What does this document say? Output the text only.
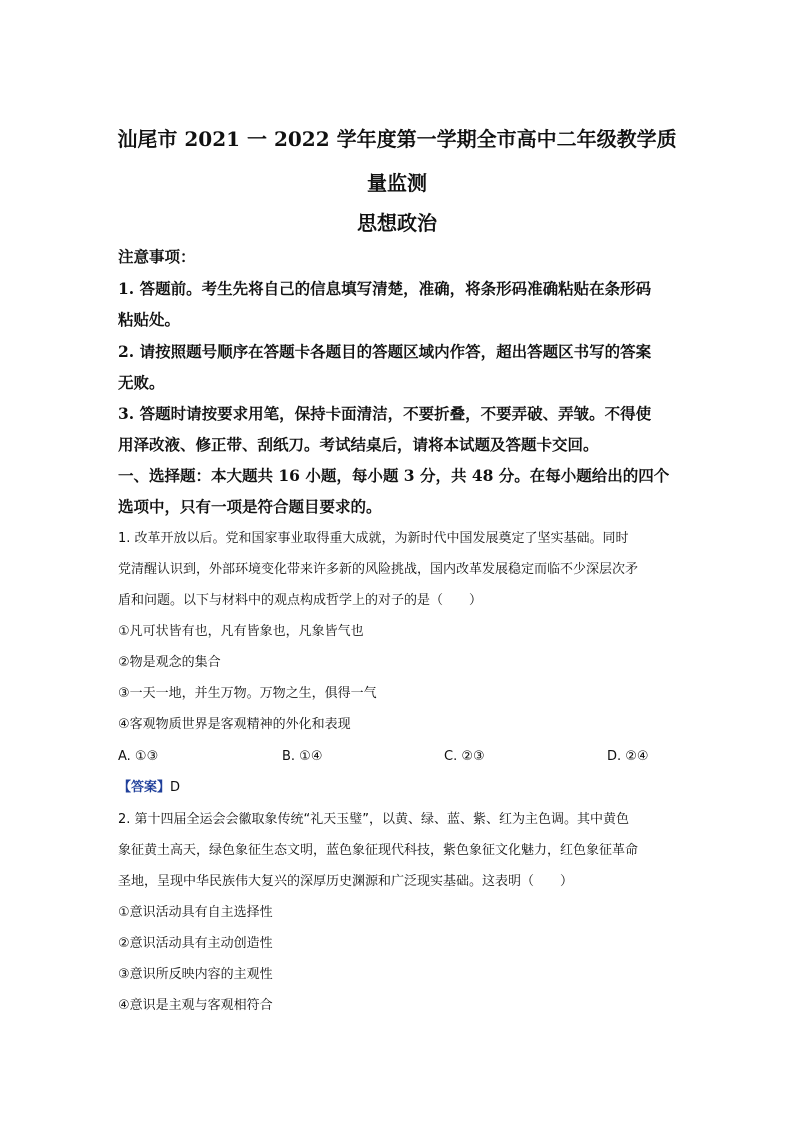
汕尾市 2021 一 2022 学年度第一学期全市高中二年级教学质
量监测
思想政治
注意事项：
1. 答题前。考生先将自己的信息填写清楚，准确，将条形码准确粘贴在条形码
粘贴处。
2. 请按照题号顺序在答题卡各题目的答题区域内作答，超出答题区书写的答案
无败。
3. 答题时请按要求用笔，保持卡面清洁，不要折叠，不要弄破、弄皱。不得使
用泽改液、修正带、刮纸刀。考试结桌后，请将本试题及答题卡交回。
一、选择题：本大题共 16 小题，每小题 3 分，共 48 分。在每小题给出的四个
选项中，只有一项是符合题目要求的。
1. 改革开放以后。党和国家事业取得重大成就，为新时代中国发展奠定了坚实基础。同时
党清醒认识到，外部环境变化带来许多新的风险挑战，国内改革发展稳定而临不少深层次矛
盾和问题。以下与材料中的观点构成哲学上的对子的是（　　）
①凡可状皆有也，凡有皆象也，凡象皆气也
②物是观念的集合
③一天一地，并生万物。万物之生，俱得一气
④客观物质世界是客观精神的外化和表现
A. ①③	B. ①④	C. ②③	D. ②④
【答案】D
2. 第十四届全运会会徽取象传统“礼天玉璧”，以黄、绿、蓝、紫、红为主色调。其中黄色
象征黄土高天，绿色象征生态文明，蓝色象征现代科技，紫色象征文化魅力，红色象征革命
圣地，呈现中华民族伟大复兴的深厚历史渊源和广泛现实基础。这表明（　　）
①意识活动具有自主选择性
②意识活动具有主动创造性
③意识所反映内容的主观性
④意识是主观与客观相符合
